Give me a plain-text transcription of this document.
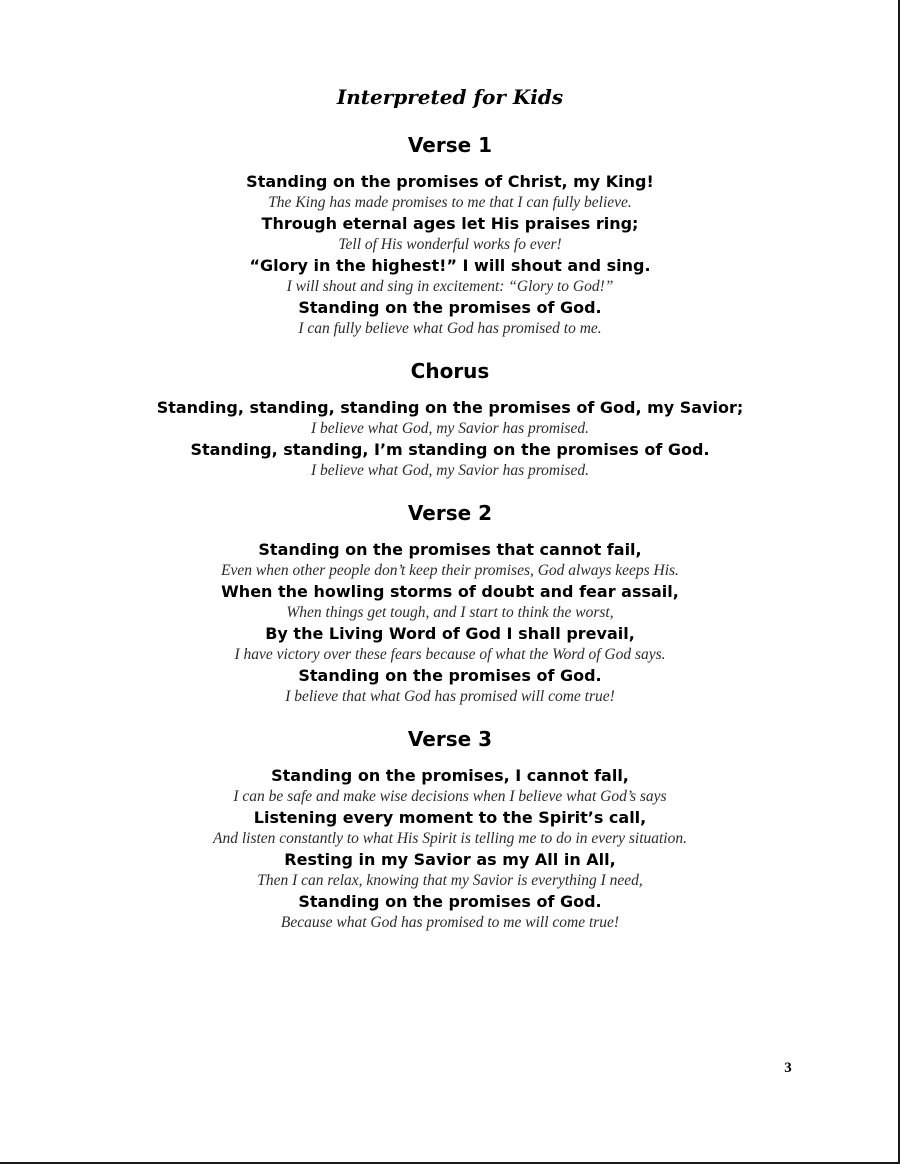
Interpreted for Kids
Verse 1

Standing on the promises of Christ, my King!

The King has made promises to me that I can fully believe.

Through eternal ages let His praises ring;

Tell of His wonderful works fo ever!

“Glory in the highest!” I will shout and sing.

I will shout and sing in excitement: “Glory to God!”

Standing on the promises of God.

I can fully believe what God has promised to me.

Chorus

Standing, standing, standing on the promises of God, my Savior;

I believe what God, my Savior has promised.

Standing, standing, I’m standing on the promises of God.

I believe what God, my Savior has promised.

Verse 2

Standing on the promises that cannot fail,

Even when other people don’t keep their promises, God always keeps His.

When the howling storms of doubt and fear assail,

When things get tough, and I start to think the worst,

By the Living Word of God I shall prevail,

I have victory over these fears because of what the Word of God says.

Standing on the promises of God.

I believe that what God has promised will come true!

Verse 3

Standing on the promises, I cannot fall,

I can be safe and make wise decisions when I believe what God’s says

Listening every moment to the Spirit’s call,

And listen constantly to what His Spirit is telling me to do in every situation.

Resting in my Savior as my All in All,

Then I can relax, knowing that my Savior is everything I need,

Standing on the promises of God.

Because what God has promised to me will come true!

3
